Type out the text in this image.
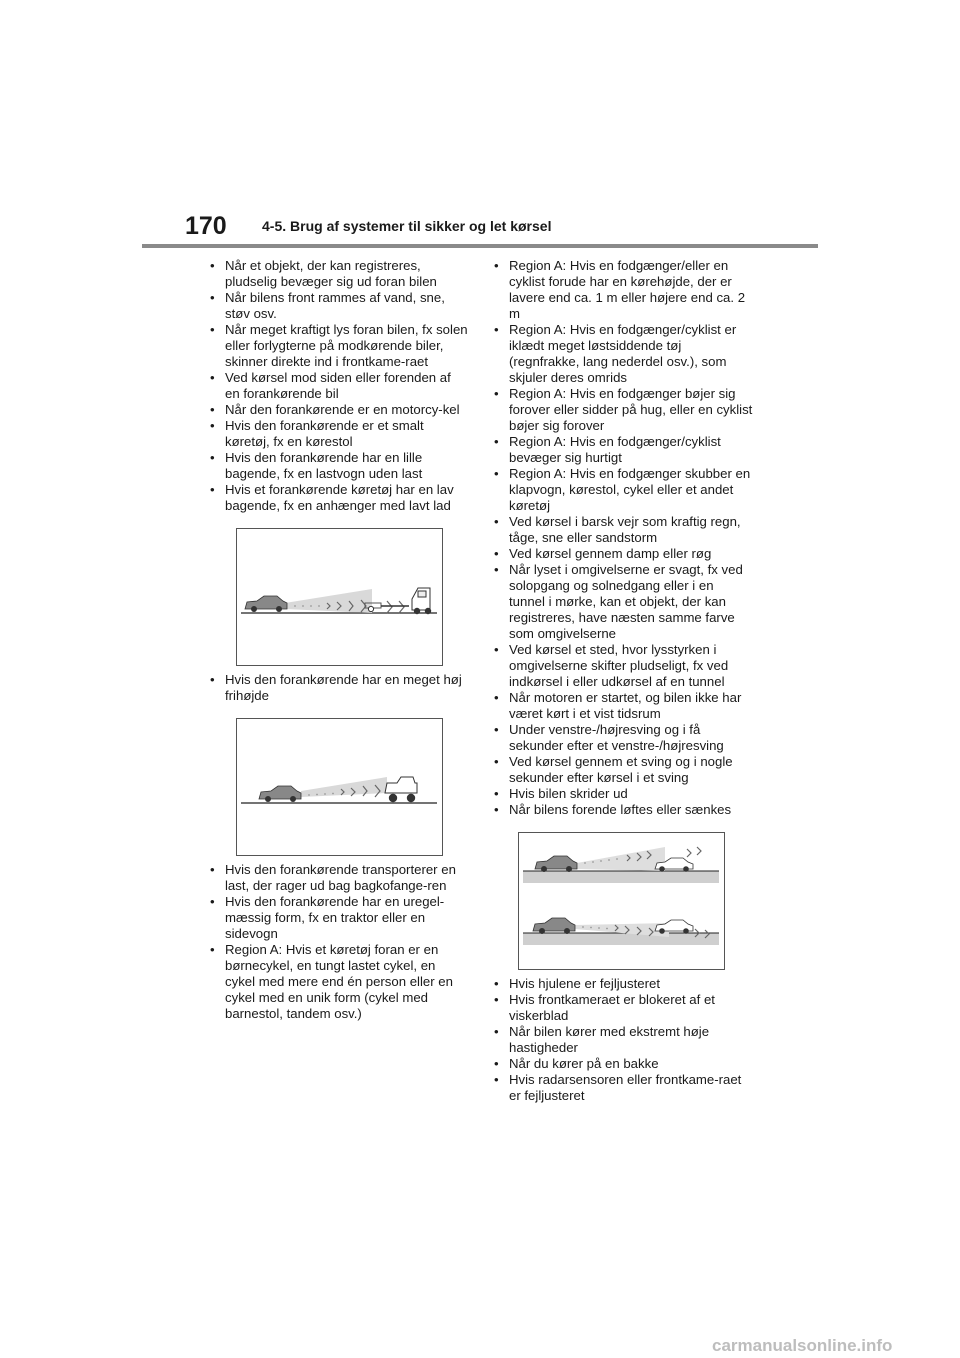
170	4-5. Brug af systemer til sikker og let kørsel
• Når et objekt, der kan registreres, pludselig bevæger sig ud foran bilen
• Når bilens front rammes af vand, sne, støv osv.
• Når meget kraftigt lys foran bilen, fx solen eller forlygterne på modkørende biler, skinner direkte ind i frontkame-raet
• Ved kørsel mod siden eller forenden af en forankørende bil
• Når den forankørende er en motorcy-kel
• Hvis den forankørende er et smalt køretøj, fx en kørestol
• Hvis den forankørende har en lille bagende, fx en lastvogn uden last
• Hvis et forankørende køretøj har en lav bagende, fx en anhænger med lavt lad
• Hvis den forankørende har en meget høj frihøjde
• Hvis den forankørende transporterer en last, der rager ud bag bagkofange-ren
• Hvis den forankørende har en uregel-mæssig form, fx en traktor eller en sidevogn
• Region A: Hvis et køretøj foran er en børnecykel, en tungt lastet cykel, en cykel med mere end én person eller en cykel med en unik form (cykel med barnestol, tandem osv.)
• Region A: Hvis en fodgænger/eller en cyklist forude har en kørehøjde, der er lavere end ca. 1 m eller højere end ca. 2 m
• Region A: Hvis en fodgænger/cyklist er iklædt meget løstsiddende tøj (regnfrakke, lang nederdel osv.), som skjuler deres omrids
• Region A: Hvis en fodgænger bøjer sig forover eller sidder på hug, eller en cyklist bøjer sig forover
• Region A: Hvis en fodgænger/cyklist bevæger sig hurtigt
• Region A: Hvis en fodgænger skubber en klapvogn, kørestol, cykel eller et andet køretøj
• Ved kørsel i barsk vejr som kraftig regn, tåge, sne eller sandstorm
• Ved kørsel gennem damp eller røg
• Når lyset i omgivelserne er svagt, fx ved solopgang og solnedgang eller i en tunnel i mørke, kan et objekt, der kan registreres, have næsten samme farve som omgivelserne
• Ved kørsel et sted, hvor lysstyrken i omgivelserne skifter pludseligt, fx ved indkørsel i eller udkørsel af en tunnel
• Når motoren er startet, og bilen ikke har været kørt i et vist tidsrum
• Under venstre-/højresving og i få sekunder efter et venstre-/højresving
• Ved kørsel gennem et sving og i nogle sekunder efter kørsel i et sving
• Hvis bilen skrider ud
• Når bilens forende løftes eller sænkes
• Hvis hjulene er fejljusteret
• Hvis frontkameraet er blokeret af et viskerblad
• Når bilen kører med ekstremt høje hastigheder
• Når du kører på en bakke
• Hvis radarsensoren eller frontkame-raet er fejljusteret
carmanualsonline.info
